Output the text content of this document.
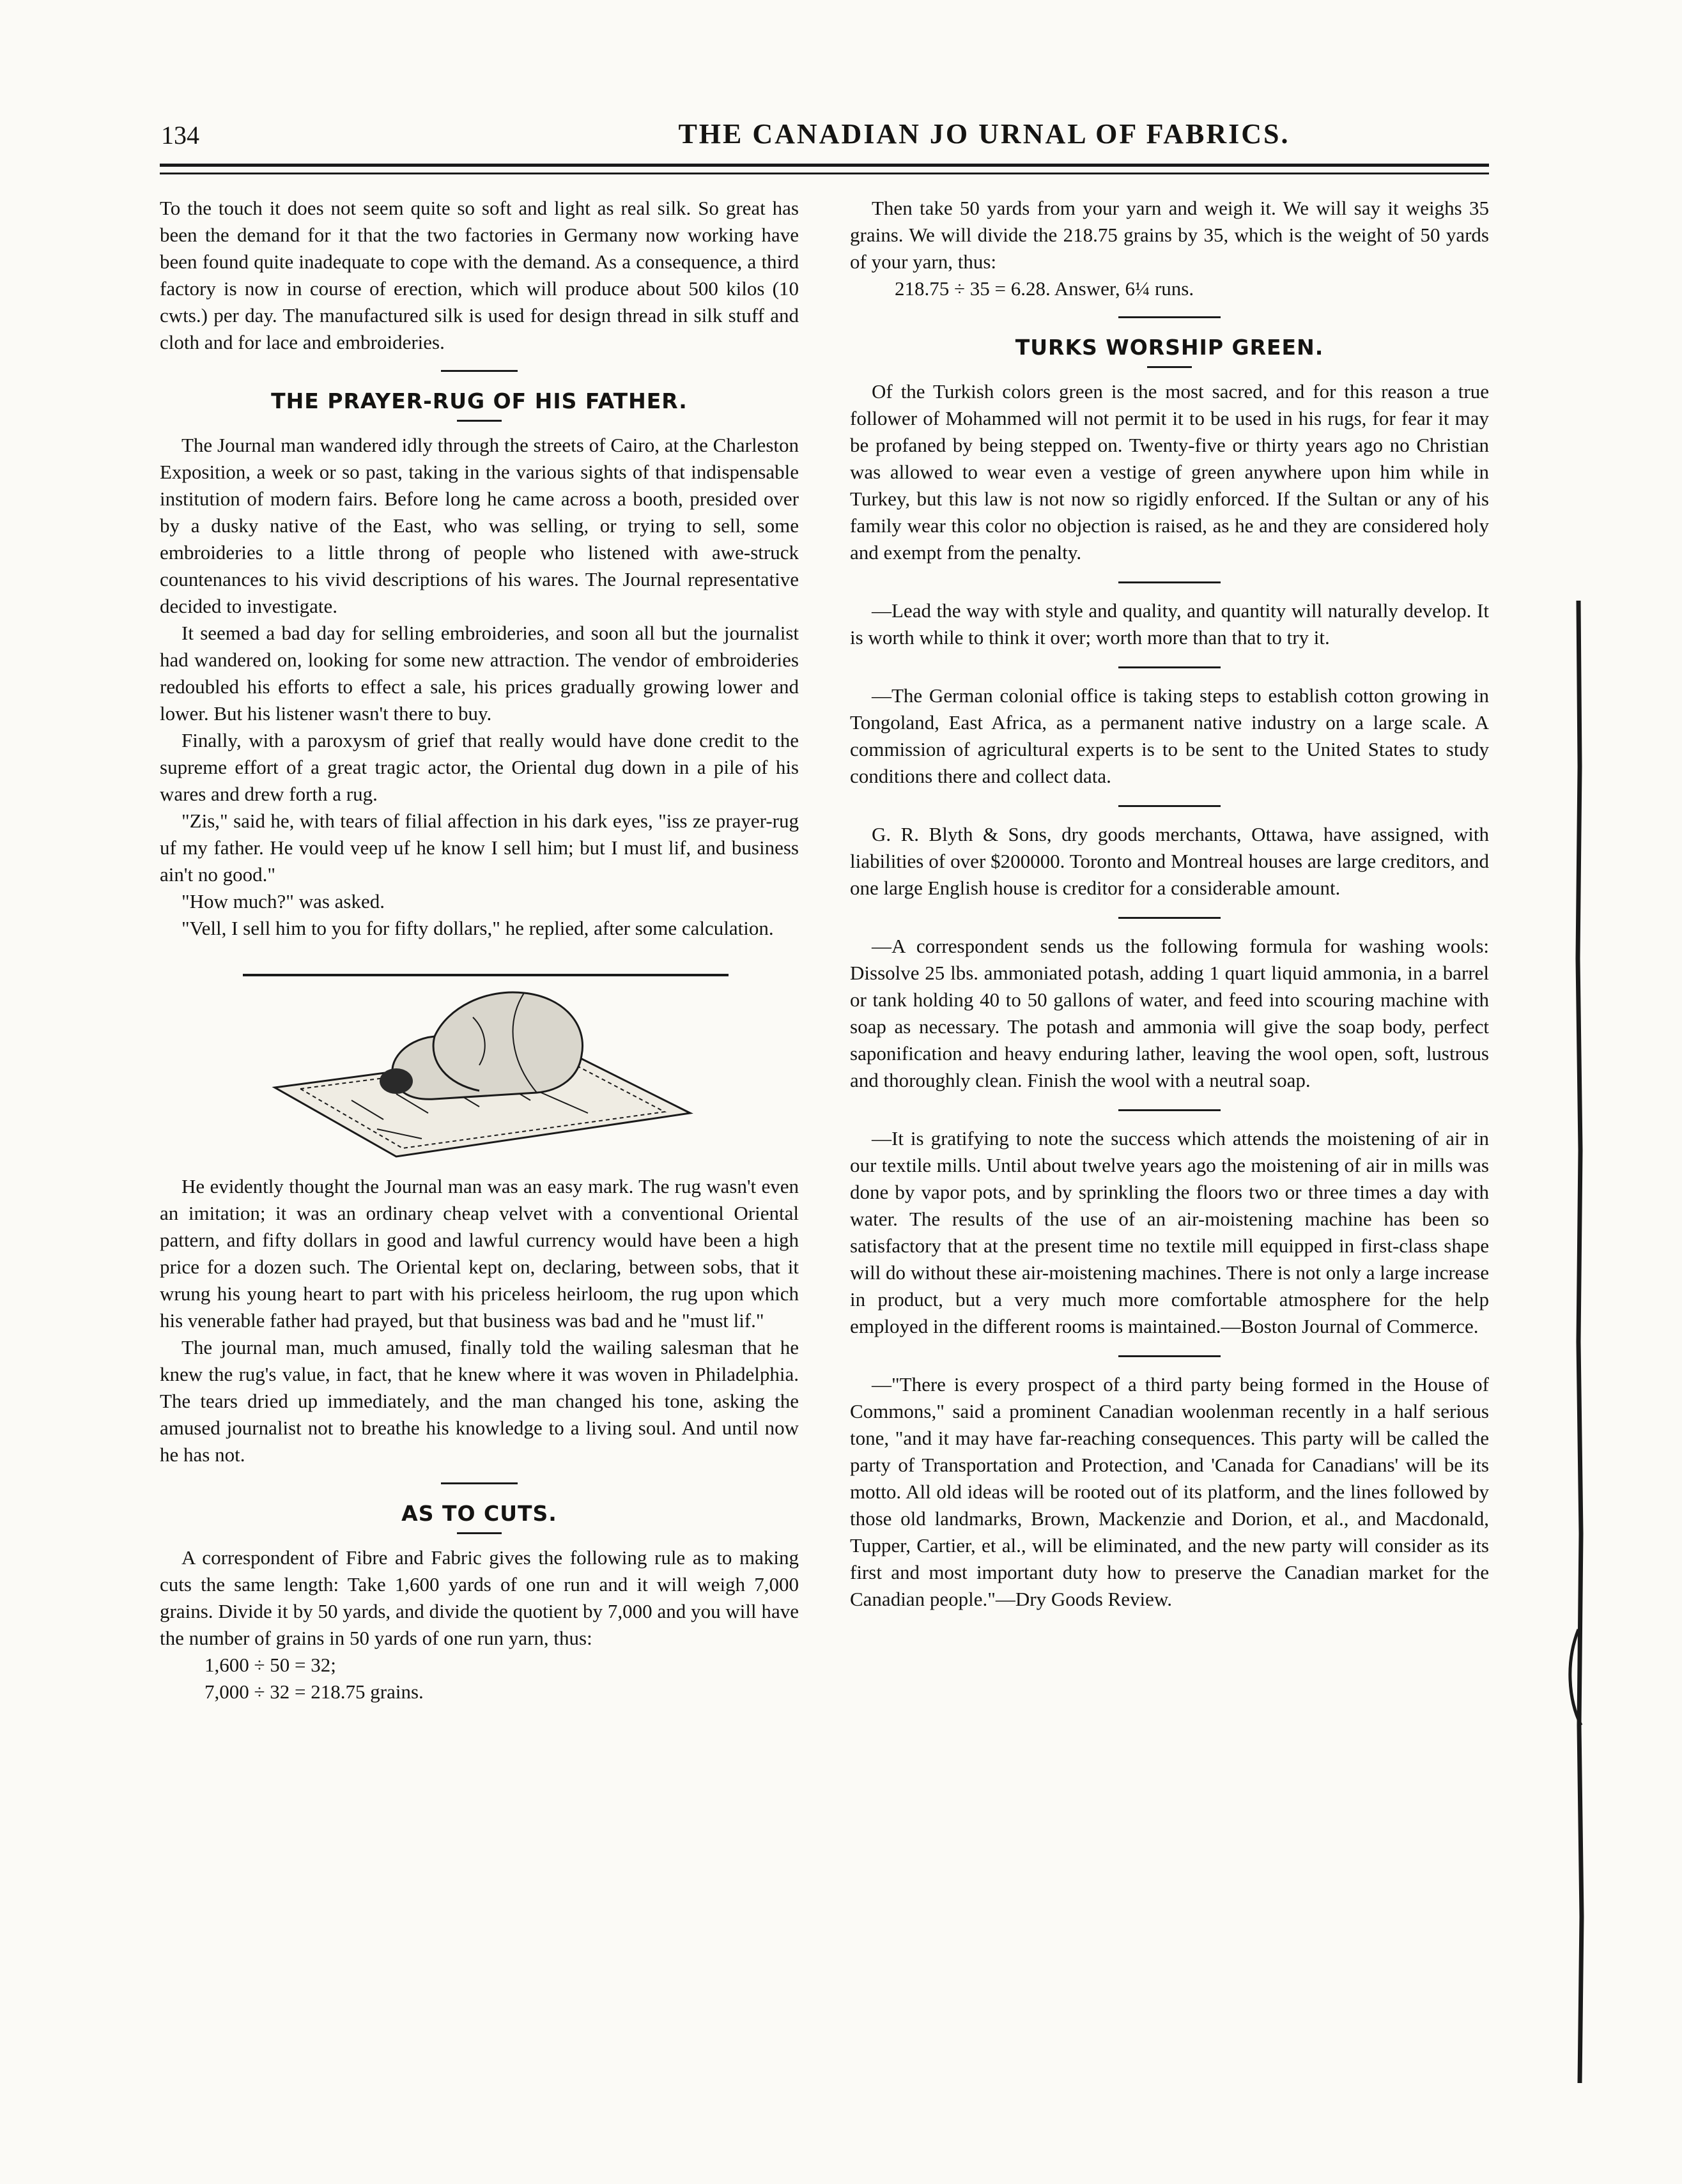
134	THE CANADIAN JO URNAL OF FABRICS.

To the touch it does not seem quite so soft and light as real silk. So great has been the demand for it that the two factories in Germany now working have been found quite inadequate to cope with the demand. As a consequence, a third factory is now in course of erection, which will produce about 500 kilos (10 cwts.) per day. The manufactured silk is used for design thread in silk stuff and cloth and for lace and embroideries.

THE PRAYER-RUG OF HIS FATHER.

The Journal man wandered idly through the streets of Cairo, at the Charleston Exposition, a week or so past, taking in the various sights of that indispensable institution of modern fairs. Before long he came across a booth, presided over by a dusky native of the East, who was selling, or trying to sell, some embroideries to a little throng of people who listened with awe-struck countenances to his vivid descriptions of his wares. The Journal representative decided to investigate.

It seemed a bad day for selling embroideries, and soon all but the journalist had wandered on, looking for some new attraction. The vendor of embroideries redoubled his efforts to effect a sale, his prices gradually growing lower and lower. But his listener wasn't there to buy.

Finally, with a paroxysm of grief that really would have done credit to the supreme effort of a great tragic actor, the Oriental dug down in a pile of his wares and drew forth a rug.

"Zis," said he, with tears of filial affection in his dark eyes, "iss ze prayer-rug uf my father. He vould veep uf he know I sell him; but I must lif, and business ain't no good."

"How much?" was asked.

"Vell, I sell him to you for fifty dollars," he replied, after some calculation.

He evidently thought the Journal man was an easy mark. The rug wasn't even an imitation; it was an ordinary cheap velvet with a conventional Oriental pattern, and fifty dollars in good and lawful currency would have been a high price for a dozen such. The Oriental kept on, declaring, between sobs, that it wrung his young heart to part with his priceless heirloom, the rug upon which his venerable father had prayed, but that business was bad and he "must lif."

The journal man, much amused, finally told the wailing salesman that he knew the rug's value, in fact, that he knew where it was woven in Philadelphia. The tears dried up immediately, and the man changed his tone, asking the amused journalist not to breathe his knowledge to a living soul. And until now he has not.

AS TO CUTS.

A correspondent of Fibre and Fabric gives the following rule as to making cuts the same length: Take 1,600 yards of one run and it will weigh 7,000 grains. Divide it by 50 yards, and divide the quotient by 7,000 and you will have the number of grains in 50 yards of one run yarn, thus:

1,600 ÷ 50 = 32;

7,000 ÷ 32 = 218.75 grains.

Then take 50 yards from your yarn and weigh it. We will say it weighs 35 grains. We will divide the 218.75 grains by 35, which is the weight of 50 yards of your yarn, thus:

218.75 ÷ 35 = 6.28. Answer, 6¼ runs.

TURKS WORSHIP GREEN.

Of the Turkish colors green is the most sacred, and for this reason a true follower of Mohammed will not permit it to be used in his rugs, for fear it may be profaned by being stepped on. Twenty-five or thirty years ago no Christian was allowed to wear even a vestige of green anywhere upon him while in Turkey, but this law is not now so rigidly enforced. If the Sultan or any of his family wear this color no objection is raised, as he and they are considered holy and exempt from the penalty.

—Lead the way with style and quality, and quantity will naturally develop. It is worth while to think it over; worth more than that to try it.

—The German colonial office is taking steps to establish cotton growing in Tongoland, East Africa, as a permanent native industry on a large scale. A commission of agricultural experts is to be sent to the United States to study conditions there and collect data.

G. R. Blyth & Sons, dry goods merchants, Ottawa, have assigned, with liabilities of over $200000. Toronto and Montreal houses are large creditors, and one large English house is creditor for a considerable amount.

—A correspondent sends us the following formula for washing wools: Dissolve 25 lbs. ammoniated potash, adding 1 quart liquid ammonia, in a barrel or tank holding 40 to 50 gallons of water, and feed into scouring machine with soap as necessary. The potash and ammonia will give the soap body, perfect saponification and heavy enduring lather, leaving the wool open, soft, lustrous and thoroughly clean. Finish the wool with a neutral soap.

—It is gratifying to note the success which attends the moistening of air in our textile mills. Until about twelve years ago the moistening of air in mills was done by vapor pots, and by sprinkling the floors two or three times a day with water. The results of the use of an air-moistening machine has been so satisfactory that at the present time no textile mill equipped in first-class shape will do without these air-moistening machines. There is not only a large increase in product, but a very much more comfortable atmosphere for the help employed in the different rooms is maintained.—Boston Journal of Commerce.

—"There is every prospect of a third party being formed in the House of Commons," said a prominent Canadian woolenman recently in a half serious tone, "and it may have far-reaching consequences. This party will be called the party of Transportation and Protection, and 'Canada for Canadians' will be its motto. All old ideas will be rooted out of its platform, and the lines followed by those old landmarks, Brown, Mackenzie and Dorion, et al., and Macdonald, Tupper, Cartier, et al., will be eliminated, and the new party will consider as its first and most important duty how to preserve the Canadian market for the Canadian people."—Dry Goods Review.
